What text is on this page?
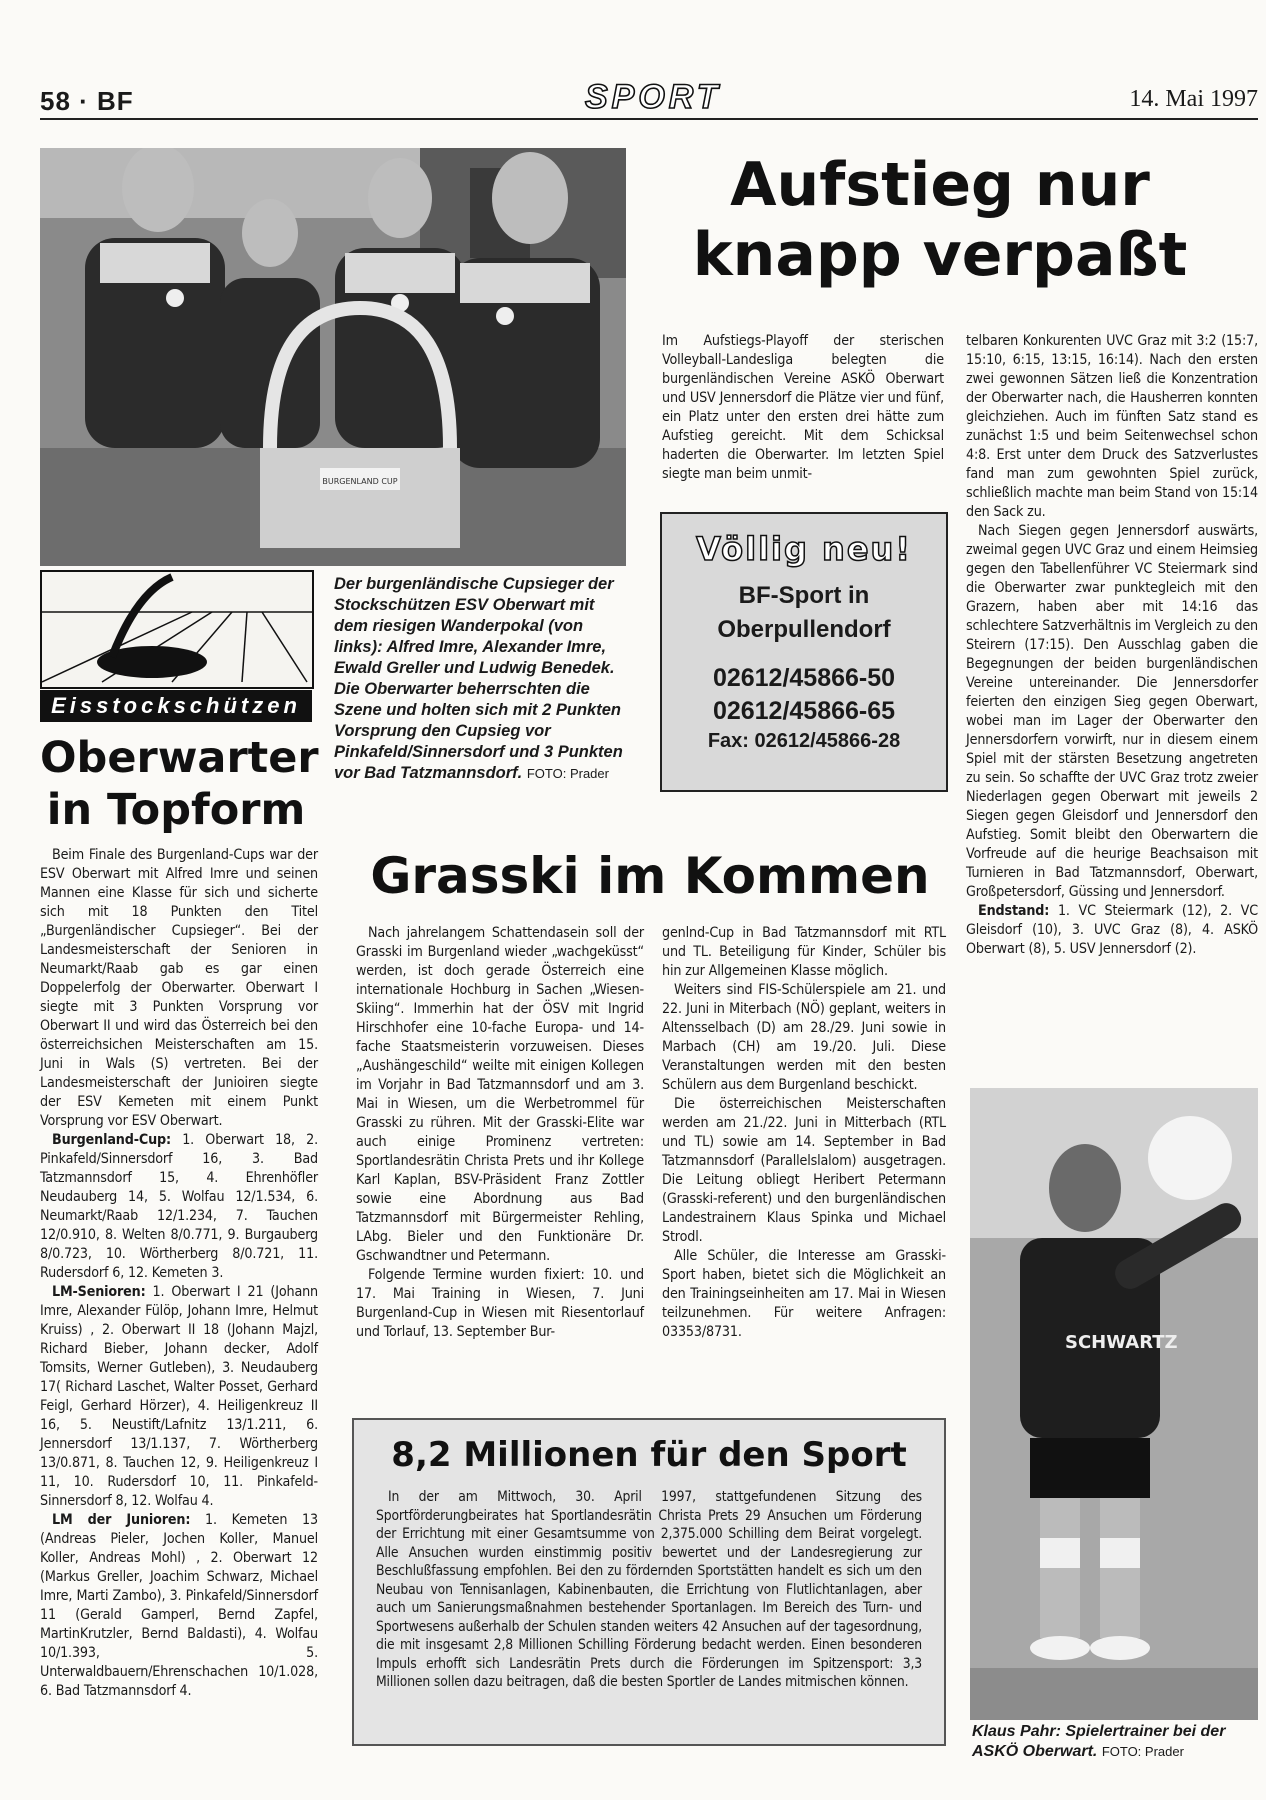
58 · BF	SPORT	14. Mai 1997
BURGENLAND CUP
Eisstockschützen
Oberwarter in Topform

Beim Finale des Burgenland-Cups war der ESV Oberwart mit Alfred Imre und seinen Mannen eine Klasse für sich und sicherte sich mit 18 Punkten den Titel „Burgenländischer Cupsieger“. Bei der Landesmeisterschaft der Senioren in Neumarkt/Raab gab es gar einen Doppelerfolg der Oberwarter. Oberwart I siegte mit 3 Punkten Vorsprung vor Oberwart II und wird das Österreich bei den österreichsichen Meisterschaften am 15. Juni in Wals (S) vertreten. Bei der Landesmeisterschaft der Junioiren siegte der ESV Kemeten mit einem Punkt Vorsprung vor ESV Oberwart.

Burgenland-Cup: 1. Oberwart 18, 2. Pinkafeld/Sinnersdorf 16, 3. Bad Tatzmannsdorf 15, 4. Ehrenhöfler Neudauberg 14, 5. Wolfau 12/1.534, 6. Neumarkt/Raab 12/1.234, 7. Tauchen 12/0.910, 8. Welten 8/0.771, 9. Burgauberg 8/0.723, 10. Wörtherberg 8/0.721, 11. Rudersdorf 6, 12. Kemeten 3.

LM-Senioren: 1. Oberwart I 21 (Johann Imre, Alexander Fülöp, Johann Imre, Helmut Kruiss) , 2. Oberwart II 18 (Johann Majzl, Richard Bieber, Johann decker, Adolf Tomsits, Werner Gutleben), 3. Neudauberg 17( Richard Laschet, Walter Posset, Gerhard Feigl, Gerhard Hörzer), 4. Heiligenkreuz II 16, 5. Neustift/Lafnitz 13/1.211, 6. Jennersdorf 13/1.137, 7. Wörtherberg 13/0.871, 8. Tauchen 12, 9. Heiligenkreuz I 11, 10. Rudersdorf 10, 11. Pinkafeld-Sinnersdorf 8, 12. Wolfau 4.

LM der Junioren: 1. Kemeten 13 (Andreas Pieler, Jochen Koller, Manuel Koller, Andreas Mohl) , 2. Oberwart 12 (Markus Greller, Joachim Schwarz, Michael Imre, Marti Zambo), 3. Pinkafeld/Sinnersdorf 11 (Gerald Gamperl, Bernd Zapfel, MartinKrutzler, Bernd Baldasti), 4. Wolfau 10/1.393, 5. Unterwaldbauern/Ehrenschachen 10/1.028, 6. Bad Tatzmannsdorf 4.

Der burgenländische Cupsieger der Stockschützen ESV Oberwart mit dem riesigen Wanderpokal (von links): Alfred Imre, Alexander Imre, Ewald Greller und Ludwig Benedek. Die Oberwarter beherrschten die Szene und holten sich mit 2 Punkten Vorsprung den Cupsieg vor Pinkafeld/Sinnersdorf und 3 Punkten vor Bad Tatzmannsdorf. FOTO: Prader
Aufstieg nur
knapp verpaßt

Im Aufstiegs-Playoff der sterischen Volleyball-Landesliga belegten die burgenländischen Vereine ASKÖ Oberwart und USV Jennersdorf die Plätze vier und fünf, ein Platz unter den ersten drei hätte zum Aufstieg gereicht. Mit dem Schicksal haderten die Oberwarter. Im letzten Spiel siegte man beim unmit-

Völlig neu!
BF-Sport in
Oberpullendorf
02612/45866-50
02612/45866-65
Fax: 02612/45866-28

telbaren Konkurenten UVC Graz mit 3:2 (15:7, 15:10, 6:15, 13:15, 16:14). Nach den ersten zwei gewonnen Sätzen ließ die Konzentration der Oberwarter nach, die Hausherren konnten gleichziehen. Auch im fünften Satz stand es zunächst 1:5 und beim Seitenwechsel schon 4:8. Erst unter dem Druck des Satzverlustes fand man zum gewohnten Spiel zurück, schließlich machte man beim Stand von 15:14 den Sack zu.

Nach Siegen gegen Jennersdorf auswärts, zweimal gegen UVC Graz und einem Heimsieg gegen den Tabellenführer VC Steiermark sind die Oberwarter zwar punktegleich mit den Grazern, haben aber mit 14:16 das schlechtere Satzverhältnis im Vergleich zu den Steirern (17:15). Den Ausschlag gaben die Begegnungen der beiden burgenländischen Vereine untereinander. Die Jennersdorfer feierten den einzigen Sieg gegen Oberwart, wobei man im Lager der Oberwarter den Jennersdorfern vorwirft, nur in diesem einem Spiel mit der stärsten Besetzung angetreten zu sein. So schaffte der UVC Graz trotz zweier Niederlagen gegen Oberwart mit jeweils 2 Siegen gegen Gleisdorf und Jennersdorf den Aufstieg. Somit bleibt den Oberwartern die Vorfreude auf die heurige Beachsaison mit Turnieren in Bad Tatzmannsdorf, Oberwart, Großpetersdorf, Güssing und Jennersdorf.

Endstand: 1. VC Steiermark (12), 2. VC Gleisdorf (10), 3. UVC Graz (8), 4. ASKÖ Oberwart (8), 5. USV Jennersdorf (2).

SCHWARTZ
Klaus Pahr: Spielertrainer bei der ASKÖ Oberwart. FOTO: Prader
Grasski im Kommen

Nach jahrelangem Schattendasein soll der Grasski im Burgenland wieder „wachgeküsst“ werden, ist doch gerade Österreich eine internationale Hochburg in Sachen „Wiesen-Skiing“. Immerhin hat der ÖSV mit Ingrid Hirschhofer eine 10-fache Europa- und 14-fache Staatsmeisterin vorzuweisen. Dieses „Aushängeschild“ weilte mit einigen Kollegen im Vorjahr in Bad Tatzmannsdorf und am 3. Mai in Wiesen, um die Werbetrommel für Grasski zu rühren. Mit der Grasski-Elite war auch einige Prominenz vertreten: Sportlandesrätin Christa Prets und ihr Kollege Karl Kaplan, BSV-Präsident Franz Zottler sowie eine Abordnung aus Bad Tatzmannsdorf mit Bürgermeister Rehling, LAbg. Bieler und den Funktionäre Dr. Gschwandtner und Petermann.

Folgende Termine wurden fixiert: 10. und 17. Mai Training in Wiesen, 7. Juni Burgenland-Cup in Wiesen mit Riesentorlauf und Torlauf, 13. September Bur-

genlnd-Cup in Bad Tatzmannsdorf mit RTL und TL. Beteiligung für Kinder, Schüler bis hin zur Allgemeinen Klasse möglich.

Weiters sind FIS-Schülerspiele am 21. und 22. Juni in Miterbach (NÖ) geplant, weiters in Altensselbach (D) am 28./29. Juni sowie in Marbach (CH) am 19./20. Juli. Diese Veranstaltungen werden mit den besten Schülern aus dem Burgenland beschickt.

Die österreichischen Meisterschaften werden am 21./22. Juni in Mitterbach (RTL und TL) sowie am 14. September in Bad Tatzmannsdorf (Parallelslalom) ausgetragen. Die Leitung obliegt Heribert Petermann (Grasski-referent) und den burgenländischen Landestrainern Klaus Spinka und Michael Strodl.

Alle Schüler, die Interesse am Grasski-Sport haben, bietet sich die Möglichkeit an den Trainingseinheiten am 17. Mai in Wiesen teilzunehmen. Für weitere Anfragen: 03353/8731.

8,2 Millionen für den Sport

In der am Mittwoch, 30. April 1997, stattgefundenen Sitzung des Sportförderungbeirates hat Sportlandesrätin Christa Prets 29 Ansuchen um Förderung der Errichtung mit einer Gesamtsumme von 2,375.000 Schilling dem Beirat vorgelegt. Alle Ansuchen wurden einstimmig positiv bewertet und der Landesregierung zur Beschlußfassung empfohlen. Bei den zu fördernden Sportstätten handelt es sich um den Neubau von Tennisanlagen, Kabinenbauten, die Errichtung von Flutlichtanlagen, aber auch um Sanierungsmaßnahmen bestehender Sportanlagen. Im Bereich des Turn- und Sportwesens außerhalb der Schulen standen weiters 42 Ansuchen auf der tagesordnung, die mit insgesamt 2,8 Millionen Schilling Förderung bedacht werden. Einen besonderen Impuls erhofft sich Landesrätin Prets durch die Förderungen im Spitzensport: 3,3 Millionen sollen dazu beitragen, daß die besten Sportler de Landes mitmischen können.
